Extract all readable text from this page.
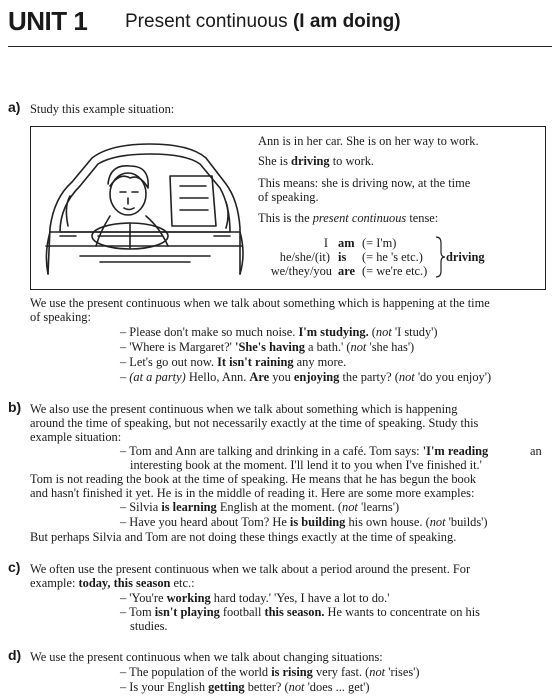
UNIT 1 Present continuous (I am doing)
a) Study this example situation:
Ann is in her car. She is on her way to work.
She is driving to work.
This means: she is driving now, at the time
of speaking.
This is the present continuous tense:
I am (= I'm)
he/she/(it) is (= he 's etc.)
we/they/you are (= we're etc.)
driving
We use the present continuous when we talk about something which is happening at the time
of speaking:
– Please don't make so much noise. I'm studying. (not 'I study')
– 'Where is Margaret?' 'She's having a bath.' (not 'she has')
– Let's go out now. It isn't raining any more.
– (at a party) Hello, Ann. Are you enjoying the party? (not 'do you enjoy')
b) We also use the present continuous when we talk about something which is happening
around the time of speaking, but not necessarily exactly at the time of speaking. Study this
example situation:
– Tom and Ann are talking and drinking in a café. Tom says: 'I'm reading	an
interesting book at the moment. I'll lend it to you when I've finished it.'
Tom is not reading the book at the time of speaking. He means that he has begun the book
and hasn't finished it yet. He is in the middle of reading it. Here are some more examples:
– Silvia is learning English at the moment. (not 'learns')
– Have you heard about Tom? He is building his own house. (not 'builds')
But perhaps Silvia and Tom are not doing these things exactly at the time of speaking.
c) We often use the present continuous when we talk about a period around the present. For
example: today, this season etc.:
– 'You're working hard today.' 'Yes, I have a lot to do.'
– Tom isn't playing football this season. He wants to concentrate on his
studies.
d) We use the present continuous when we talk about changing situations:
– The population of the world is rising very fast. (not 'rises')
– Is your English getting better? (not 'does ... get')
